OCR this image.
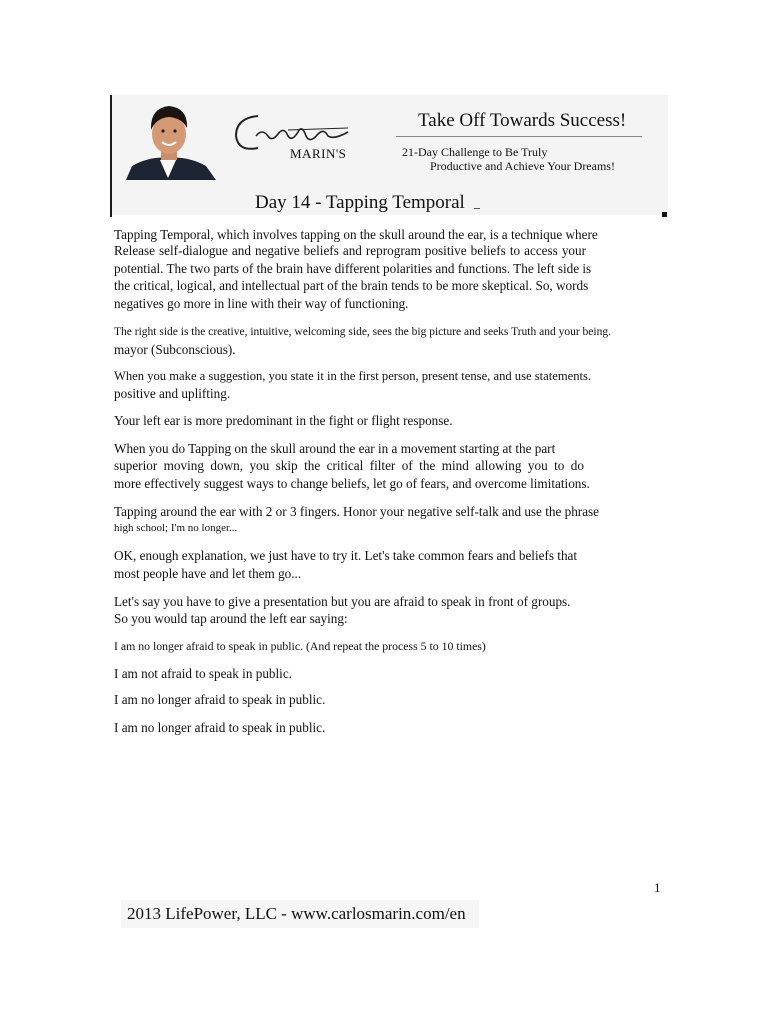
MARIN'S
Take Off Towards Success!
21-Day Challenge to Be Truly
Productive and Achieve Your Dreams!
Day 14 - Tapping Temporal
Tapping Temporal, which involves tapping on the skull around the ear, is a technique where
Release self-dialogue and negative beliefs and reprogram positive beliefs to access your
potential. The two parts of the brain have different polarities and functions. The left side is
the critical, logical, and intellectual part of the brain tends to be more skeptical. So, words
negatives go more in line with their way of functioning.
The right side is the creative, intuitive, welcoming side, sees the big picture and seeks Truth and your being.
mayor (Subconscious).
When you make a suggestion, you state it in the first person, present tense, and use statements.
positive and uplifting.
Your left ear is more predominant in the fight or flight response.
When you do Tapping on the skull around the ear in a movement starting at the part
superior moving down, you skip the critical filter of the mind allowing you to do
more effectively suggest ways to change beliefs, let go of fears, and overcome limitations.
Tapping around the ear with 2 or 3 fingers. Honor your negative self-talk and use the phrase
high school; I'm no longer...
OK, enough explanation, we just have to try it. Let's take common fears and beliefs that
most people have and let them go...
Let's say you have to give a presentation but you are afraid to speak in front of groups.
So you would tap around the left ear saying:
I am no longer afraid to speak in public. (And repeat the process 5 to 10 times)
I am not afraid to speak in public.
I am no longer afraid to speak in public.
I am no longer afraid to speak in public.
1
2013 LifePower, LLC - www.carlosmarin.com/en
